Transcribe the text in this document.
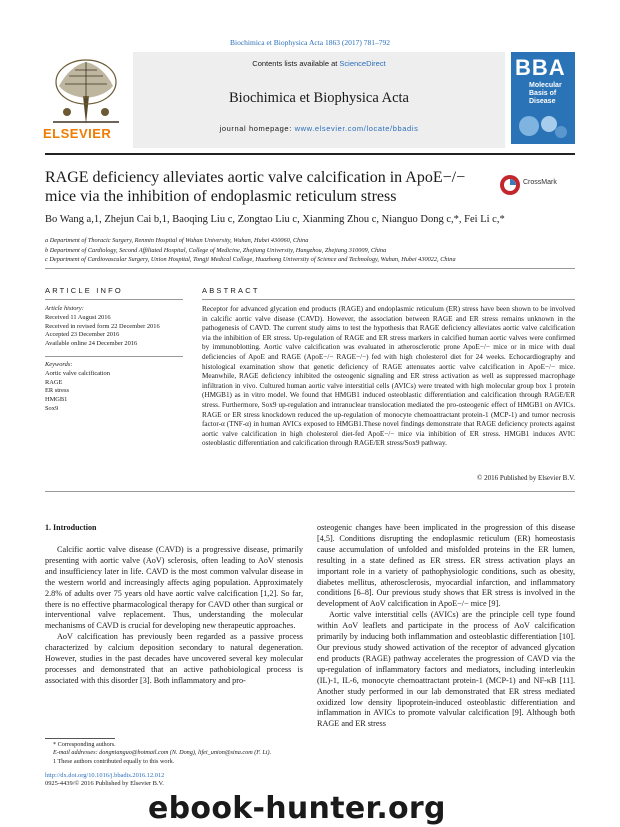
Biochimica et Biophysica Acta 1863 (2017) 781–792
ELSEVIER
Contents lists available at ScienceDirect
Biochimica et Biophysica Acta
journal homepage: www.elsevier.com/locate/bbadis
BBA
Molecular
Basis of
Disease
RAGE deficiency alleviates aortic valve calcification in ApoE−/− mice via the inhibition of endoplasmic reticulum stress
CrossMark
Bo Wang a,1, Zhejun Cai b,1, Baoqing Liu c, Zongtao Liu c, Xianming Zhou c, Nianguo Dong c,*, Fei Li c,*
a Department of Thoracic Surgery, Renmin Hospital of Wuhan University, Wuhan, Hubei 430060, China
b Department of Cardiology, Second Affiliated Hospital, College of Medicine, Zhejiang University, Hangzhou, Zhejiang 310009, China
c Department of Cardiovascular Surgery, Union Hospital, Tongji Medical College, Huazhong University of Science and Technology, Wuhan, Hubei 430022, China
ARTICLE INFO
Article history:
Received 11 August 2016
Received in revised form 22 December 2016
Accepted 23 December 2016
Available online 24 December 2016
Keywords:
Aortic valve calcification
RAGE
ER stress
HMGB1
Sox9
ABSTRACT
Receptor for advanced glycation end products (RAGE) and endoplasmic reticulum (ER) stress have been shown to be involved in calcific aortic valve disease (CAVD). However, the association between RAGE and ER stress remains unknown in the pathogenesis of CAVD. The current study aims to test the hypothesis that RAGE deficiency alleviates aortic valve calcification via the inhibition of ER stress. Up-regulation of RAGE and ER stress markers in calcified human aortic valves were confirmed by immunoblotting. Aortic valve calcification was evaluated in atherosclerotic prone ApoE−/− mice or in mice with dual deficiencies of ApoE and RAGE (ApoE−/− RAGE−/−) fed with high cholesterol diet for 24 weeks. Echocardiography and histological examination show that genetic deficiency of RAGE attenuates aortic valve calcification in ApoE−/− mice. Meanwhile, RAGE deficiency inhibited the osteogenic signaling and ER stress activation as well as suppressed macrophage infiltration in vivo. Cultured human aortic valve interstitial cells (AVICs) were treated with high molecular group box 1 protein (HMGB1) as in vitro model. We found that HMGB1 induced osteoblastic differentiation and calcification through RAGE/ER stress. Furthermore, Sox9 up-regulation and intranuclear translocation mediated the pro-osteogenic effect of HMGB1 on AVICs. RAGE or ER stress knockdown reduced the up-regulation of monocyte chemoattractant protein-1 (MCP-1) and tumor necrosis factor-α (TNF-α) in human AVICs exposed to HMGB1.These novel findings demonstrate that RAGE deficiency protects against aortic valve calcification in high cholesterol diet-fed ApoE−/− mice via inhibition of ER stress. HMGB1 induces AVIC osteoblastic differentiation and calcification through RAGE/ER stress/Sox9 pathway.
© 2016 Published by Elsevier B.V.
1. Introduction

Calcific aortic valve disease (CAVD) is a progressive disease, primarily presenting with aortic valve (AoV) sclerosis, often leading to AoV stenosis and insufficiency later in life. CAVD is the most common valvular disease in the western world and increasingly affects aging population. Approximately 2.8% of adults over 75 years old have aortic valve calcification [1,2]. So far, there is no effective pharmacological therapy for CAVD other than surgical or interventional valve replacement. Thus, understanding the molecular mechanisms of CAVD is crucial for developing new therapeutic approaches.

AoV calcification has previously been regarded as a passive process characterized by calcium deposition secondary to natural degeneration. However, studies in the past decades have uncovered several key molecular processes and demonstrated that an active pathobiological process is associated with this disorder [3]. Both inflammatory and pro-

osteogenic changes have been implicated in the progression of this disease [4,5]. Conditions disrupting the endoplasmic reticulum (ER) homeostasis cause accumulation of unfolded and misfolded proteins in the ER lumen, resulting in a state defined as ER stress. ER stress activation plays an important role in a variety of pathophysiologic conditions, such as obesity, diabetes mellitus, atherosclerosis, myocardial infarction, and inflammatory conditions [6–8]. Our previous study shows that ER stress is involved in the development of AoV calcification in ApoE−/− mice [9].

Aortic valve interstitial cells (AVICs) are the principle cell type found within AoV leaflets and participate in the process of AoV calcification primarily by inducing both inflammation and osteoblastic differentiation [10]. Our previous study showed activation of the receptor of advanced glycation end products (RAGE) pathway accelerates the progression of CAVD via the up-regulation of inflammatory factors and mediators, including interleukin (IL)-1, IL-6, monocyte chemoattractant protein-1 (MCP-1) and NF-κB [11]. Another study performed in our lab demonstrated that ER stress mediated oxidized low density lipoprotein-induced osteoblastic differentiation and inflammation in AVICs to promote valvular calcification [9]. Although both RAGE and ER stress

* Corresponding authors.
E-mail addresses: dongnianguo@hotmail.com (N. Dong), lifei_union@sina.com (F. Li).
1 These authors contributed equally to this work.
http://dx.doi.org/10.1016/j.bbadis.2016.12.012
0925-4439/© 2016 Published by Elsevier B.V.
ebook-hunter.org
